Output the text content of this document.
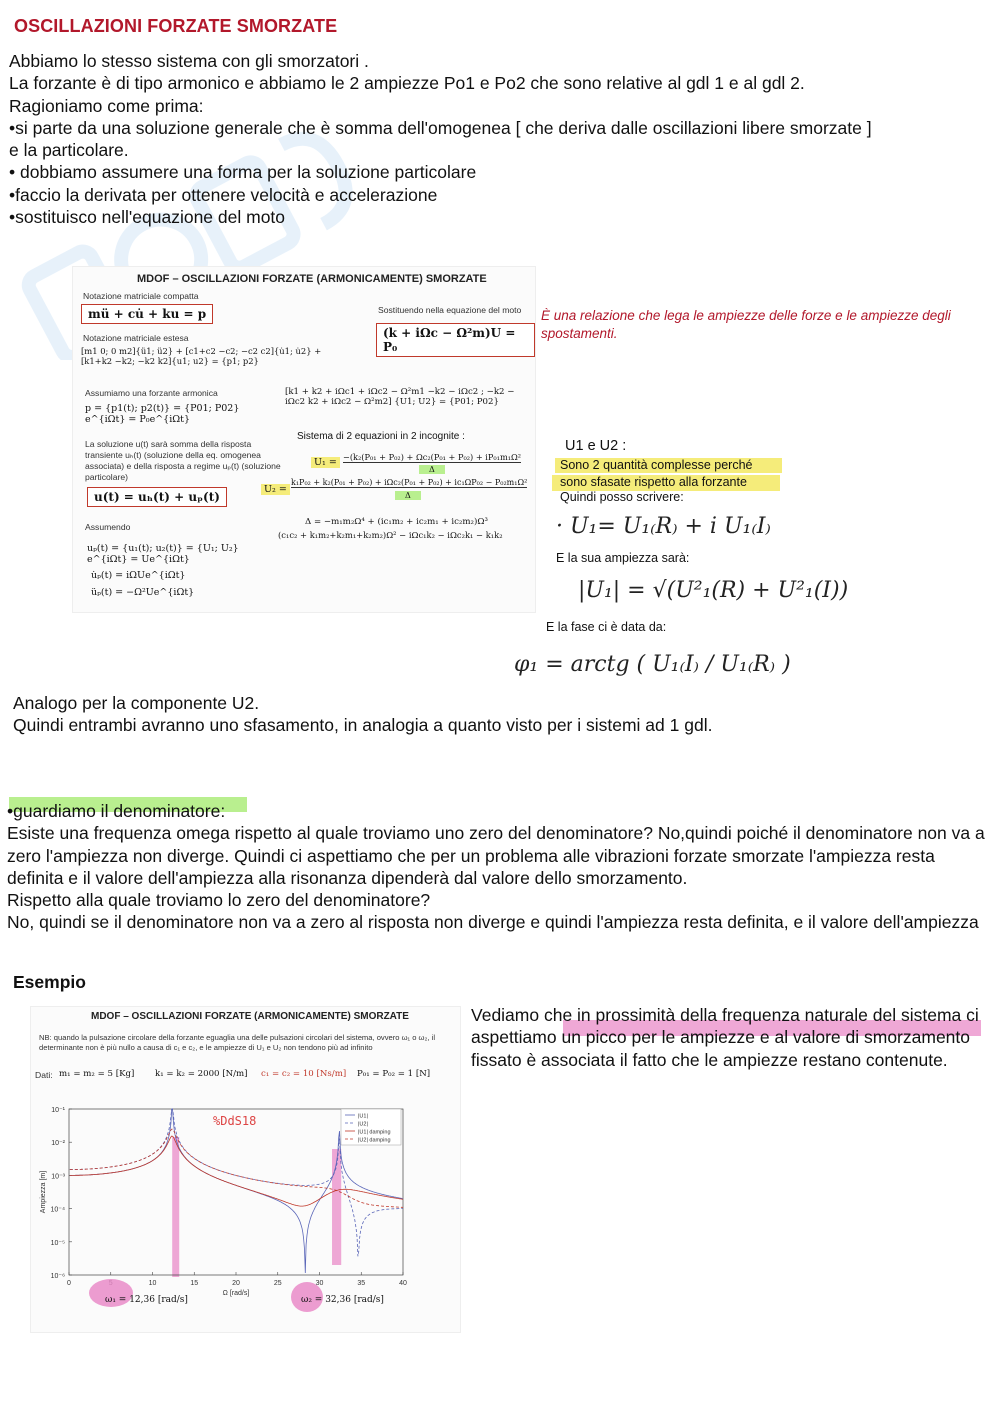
OSCILLAZIONI FORZATE SMORZATE

Abbiamo lo stesso sistema con gli smorzatori .

La forzante è di tipo armonico e abbiamo le 2 ampiezze Po1 e Po2 che sono relative al gdl 1 e al gdl 2.

Ragioniamo come prima:

•si parte da una soluzione generale che è somma dell'omogenea [ che deriva dalle oscillazioni libere smorzate ]

e la particolare.

• dobbiamo assumere una forma per la soluzione particolare

•faccio la derivata per ottenere velocità e accelerazione

•sostituisco nell'equazione del moto

MDOF – OSCILLAZIONI FORZATE (ARMONICAMENTE) SMORZATE
Notazione matriciale compatta
mü + cu̇ + ku = p
Notazione matriciale estesa
[m1 0; 0 m2]{ü1; ü2} + [c1+c2 −c2; −c2 c2]{u̇1; u̇2} + [k1+k2 −k2; −k2 k2]{u1; u2} = {p1; p2}
Sostituendo nella equazione del moto
(k + iΩc − Ω²m)U = P₀
Assumiamo una forzante armonica
p = {p1(t); p2(t)} = {P01; P02} e^{iΩt} = P₀e^{iΩt}
[k1 + k2 + iΩc1 + iΩc2 − Ω²m1 −k2 − iΩc2 ; −k2 − iΩc2 k2 + iΩc2 − Ω²m2] {U1; U2} = {P01; P02}
Sistema di 2 equazioni in 2 incognite :
La soluzione u(t) sarà somma della risposta transiente uₕ(t) (soluzione della eq. omogenea associata) e della risposta a regime uₚ(t) (soluzione particolare)
u(t) = uₕ(t) + uₚ(t)
U₁ = −(k₂(P₀₁ + P₀₂) + Ωc₂(P₀₁ + P₀₂) + iP₀₁m₁Ω²
Δ
U₂ =
k₁P₀₂ + k₂(P₀₁ + P₀₂) + iΩc₂(P₀₁ + P₀₂) + ic₁ΩP₀₂ − P₀₂m₁Ω²
Δ
Δ = −m₁m₂Ω⁴ + (ic₁m₂ + ic₂m₁ + ic₂m₂)Ω³
(c₁c₂ + k₁m₂+k₂m₁+k₂m₂)Ω² − iΩc₁k₂ − iΩc₂k₁ − k₁k₂
Assumendo
uₚ(t) = {u₁(t); u₂(t)} = {U₁; U₂} e^{iΩt} = Ue^{iΩt}
u̇ₚ(t) = iΩUe^{iΩt}
üₚ(t) = −Ω²Ue^{iΩt}
È una relazione che lega le ampiezze delle forze e le ampiezze degli spostamenti.
U1 e U2 :
Sono 2 quantità complesse perché
sono sfasate rispetto alla forzante
Quindi posso scrivere:
· U₁= U₁₍R₎ + i U₁₍I₎
E la sua ampiezza sarà:
|U₁| = √(U²₁(R) + U²₁(I))
E la fase ci è data da:
φ₁ = arctg ( U₁₍I₎ / U₁₍R₎ )

Analogo per la componente U2.

Quindi entrambi avranno uno sfasamento, in analogia a quanto visto per i sistemi ad 1 gdl.

•guardiamo il denominatore:

Esiste una frequenza omega rispetto al quale troviamo uno zero del denominatore? No,quindi poiché il denominatore non va a zero l'ampiezza non diverge. Quindi ci aspettiamo che per un problema alle vibrazioni forzate smorzate l'ampiezza resta definita e il valore dell'ampiezza alla risonanza dipenderà dal valore dello smorzamento.

Rispetto alla quale troviamo lo zero del denominatore?

No, quindi se il denominatore non va a zero al risposta non diverge e quindi l'ampiezza resta definita, e il valore dell'ampiezza

Esempio
MDOF – OSCILLAZIONI FORZATE (ARMONICAMENTE) SMORZATE
NB: quando la pulsazione circolare della forzante eguaglia una delle pulsazioni circolari del sistema, ovvero ω₁ o ω₂, il determinante non è più nullo a causa di c₁ e c₂, e le ampiezze di U₁ e U₂ non tendono più ad infinito
Dati: m₁ = m₂ = 5 [Kg] k₁ = k₂ = 2000 [N/m] c₁ = c₂ = 10 [Ns/m] P₀₁ = P₀₂ = 1 [N]
0	10	15	20	25	30	35	40
10⁻⁶
10⁻⁵
10⁻⁴
10⁻³
10⁻²
10⁻¹
Ω [rad/s]
Ampiezza [m]
|U1|
|U2|
|U1| damping
|U2| damping
ω₁ = 12,36 [rad/s]	ω₂ = 32,36 [rad/s]
%DdS18
Vediamo che in prossimità della frequenza naturale del sistema ci aspettiamo un picco per le ampiezze e al valore di smorzamento fissato è associata il fatto che le ampiezze restano contenute.
